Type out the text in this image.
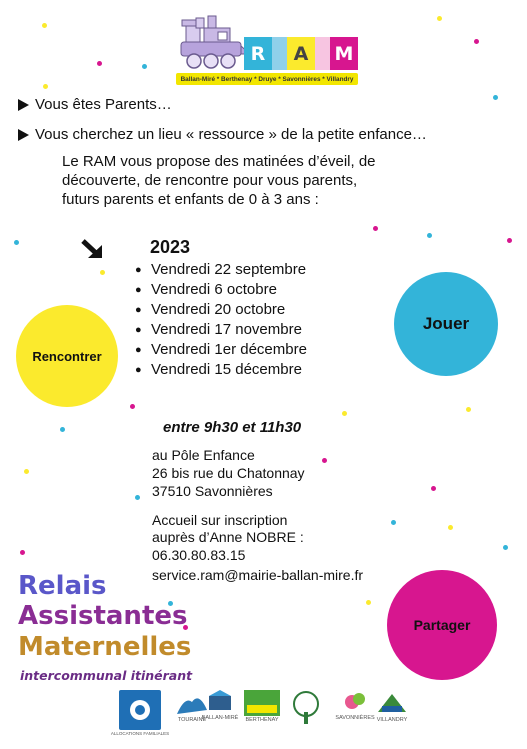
R	A	M
Ballan-Miré * Berthenay * Druye * Savonnières * Villandry
Vous êtes Parents…
Vous cherchez un lieu « ressource » de la petite enfance…
Le RAM vous propose des matinées d’éveil, de
découverte, de rencontre pour vous parents,
futurs parents et enfants de 0 à 3 ans :
2023
● Vendredi 22 septembre
● Vendredi 6 octobre
● Vendredi 20 octobre
● Vendredi 17 novembre
● Vendredi 1er décembre
● Vendredi 15 décembre
Rencontrer
Jouer
Partager
entre 9h30 et 11h30
au Pôle Enfance
26 bis rue du Chatonnay
37510 Savonnières
Accueil sur inscription
auprès d’Anne NOBRE :
06.30.80.83.15
service.ram@mairie-ballan-mire.fr
Relais
Assistantes
Maternelles
intercommunal itinérant
ALLOCATIONS FAMILIALES
TOURAINE
BALLAN-MIRÉ BERTHENAY	SAVONNIÈRES VILLANDRY
